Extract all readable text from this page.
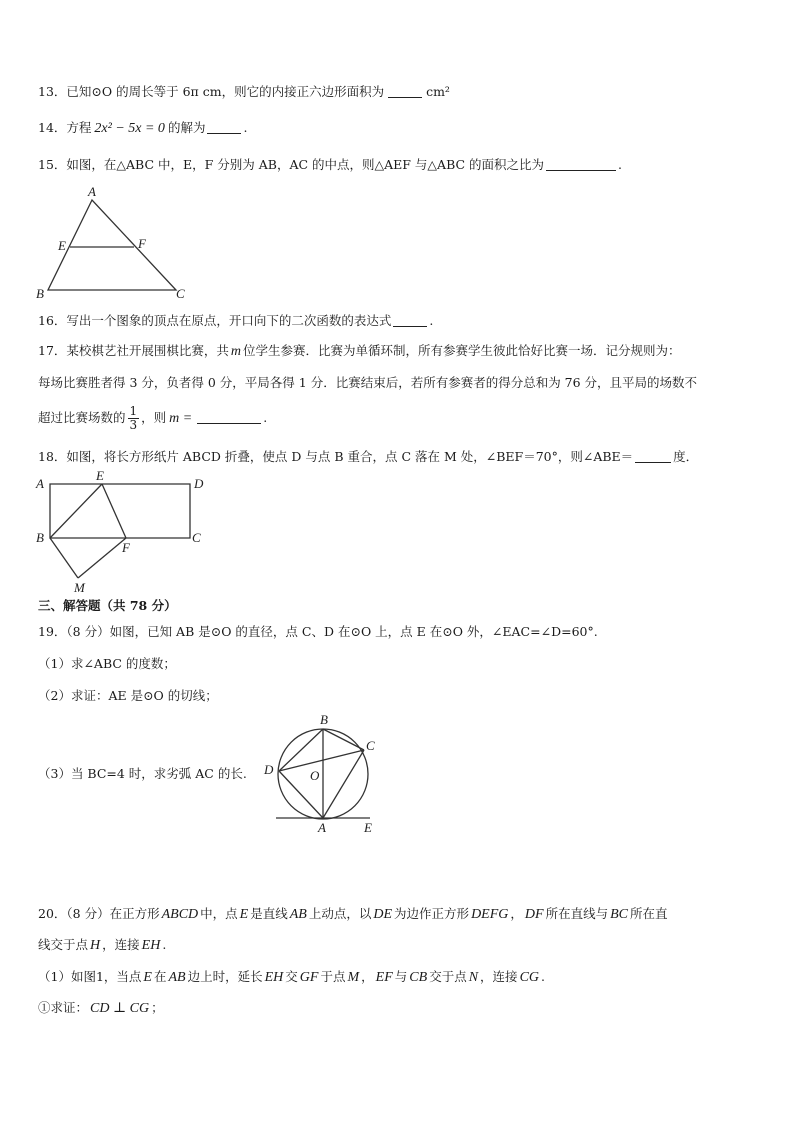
13．已知⊙O 的周长等于 6π cm，则它的内接正六边形面积为	cm²
14．方程 2x² − 5x = 0 的解为	.
15．如图，在△ABC 中，E，F 分别为 AB，AC 的中点，则△AEF 与△ABC 的面积之比为	.
A
E	F
B	C
16．写出一个图象的顶点在原点，开口向下的二次函数的表达式	.
17．某校棋艺社开展围棋比赛，共 m 位学生参赛．比赛为单循环制，所有参赛学生彼此恰好比赛一场．记分规则为：
每场比赛胜者得 3 分，负者得 0 分，平局各得 1 分．比赛结束后，若所有参赛者的得分总和为 76 分，且平局的场数不
超过比赛场数的 $\frac{1}{3}$ ，则 m =	.
18．如图，将长方形纸片 ABCD 折叠，使点 D 与点 B 重合，点 C 落在 M 处，∠BEF＝70°，则∠ABE＝	度．
A
E
D
B
F
C
M
三、解答题（共 78 分）
19．（8 分）如图，已知 AB 是⊙O 的直径，点 C、D 在⊙O 上，点 E 在⊙O 外，∠EAC=∠D=60°.
（1）求∠ABC 的度数；
（2）求证：AE 是⊙O 的切线；
（3）当 BC=4 时，求劣弧 AC 的长.
B
C
D	O
A	E
20．（8 分）在正方形 ABCD 中，点 E 是直线 AB 上动点，以 DE 为边作正方形 DEFG ， DF 所在直线与 BC 所在直
线交于点 H ，连接 EH .
（1）如图1，当点 E 在 AB 边上时，延长 EH 交 GF 于点 M ， EF 与 CB 交于点 N ，连接 CG .
①求证： CD ⊥ CG ；
